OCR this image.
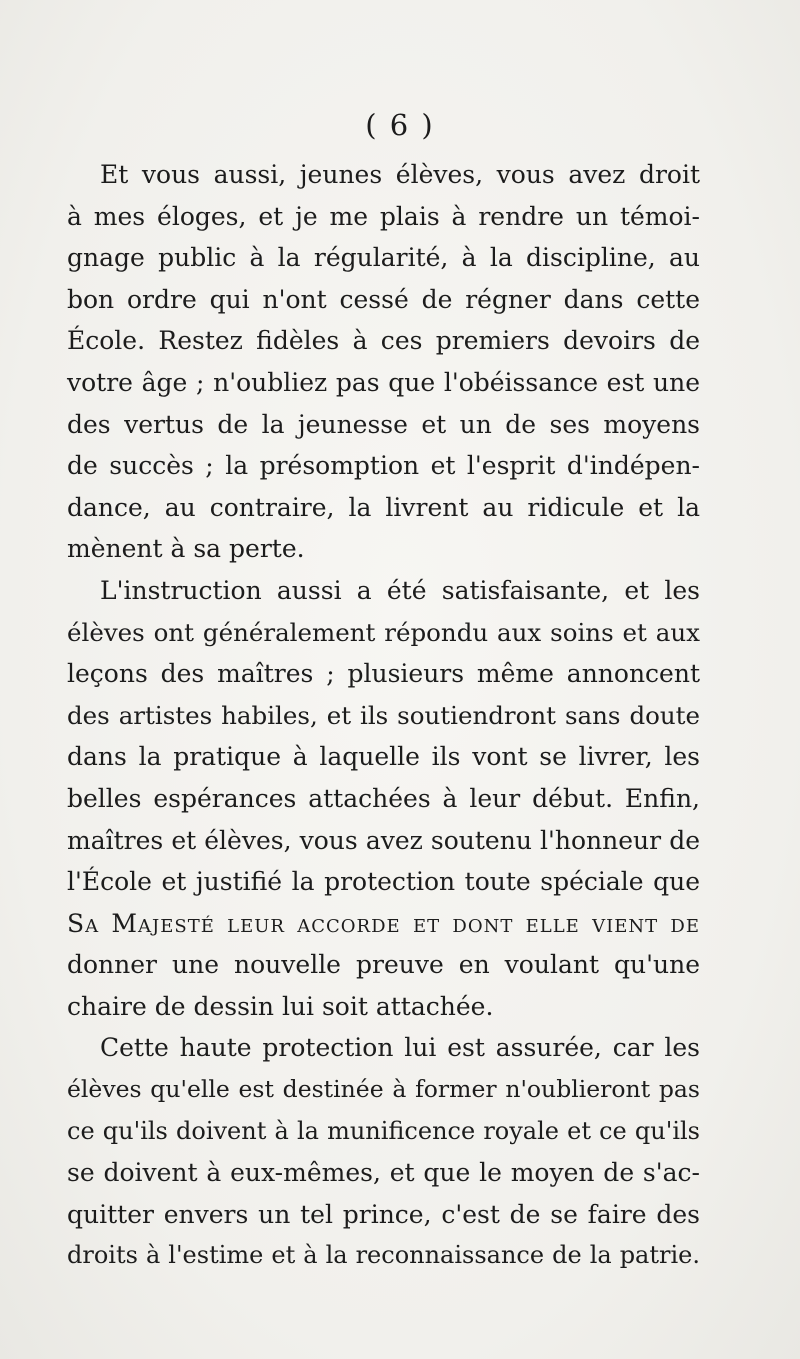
( 6 )
Et vous aussi, jeunes élèves, vous avez droit
à mes éloges, et je me plais à rendre un témoi-
gnage public à la régularité, à la discipline, au
bon ordre qui n'ont cessé de régner dans cette
École. Restez fidèles à ces premiers devoirs de
votre âge ; n'oubliez pas que l'obéissance est une
des vertus de la jeunesse et un de ses moyens
de succès ; la présomption et l'esprit d'indépen-
dance, au contraire, la livrent au ridicule et la
mènent à sa perte.
L'instruction aussi a été satisfaisante, et les
élèves ont généralement répondu aux soins et aux
leçons des maîtres ; plusieurs même annoncent
des artistes habiles, et ils soutiendront sans doute
dans la pratique à laquelle ils vont se livrer, les
belles espérances attachées à leur début. Enfin,
maîtres et élèves, vous avez soutenu l'honneur de
l'École et justifié la protection toute spéciale que
Sa Majesté leur accorde et dont elle vient de
donner une nouvelle preuve en voulant qu'une
chaire de dessin lui soit attachée.
Cette haute protection lui est assurée, car les
élèves qu'elle est destinée à former n'oublieront pas
ce qu'ils doivent à la munificence royale et ce qu'ils
se doivent à eux-mêmes, et que le moyen de s'ac-
quitter envers un tel prince, c'est de se faire des
droits à l'estime et à la reconnaissance de la patrie.
